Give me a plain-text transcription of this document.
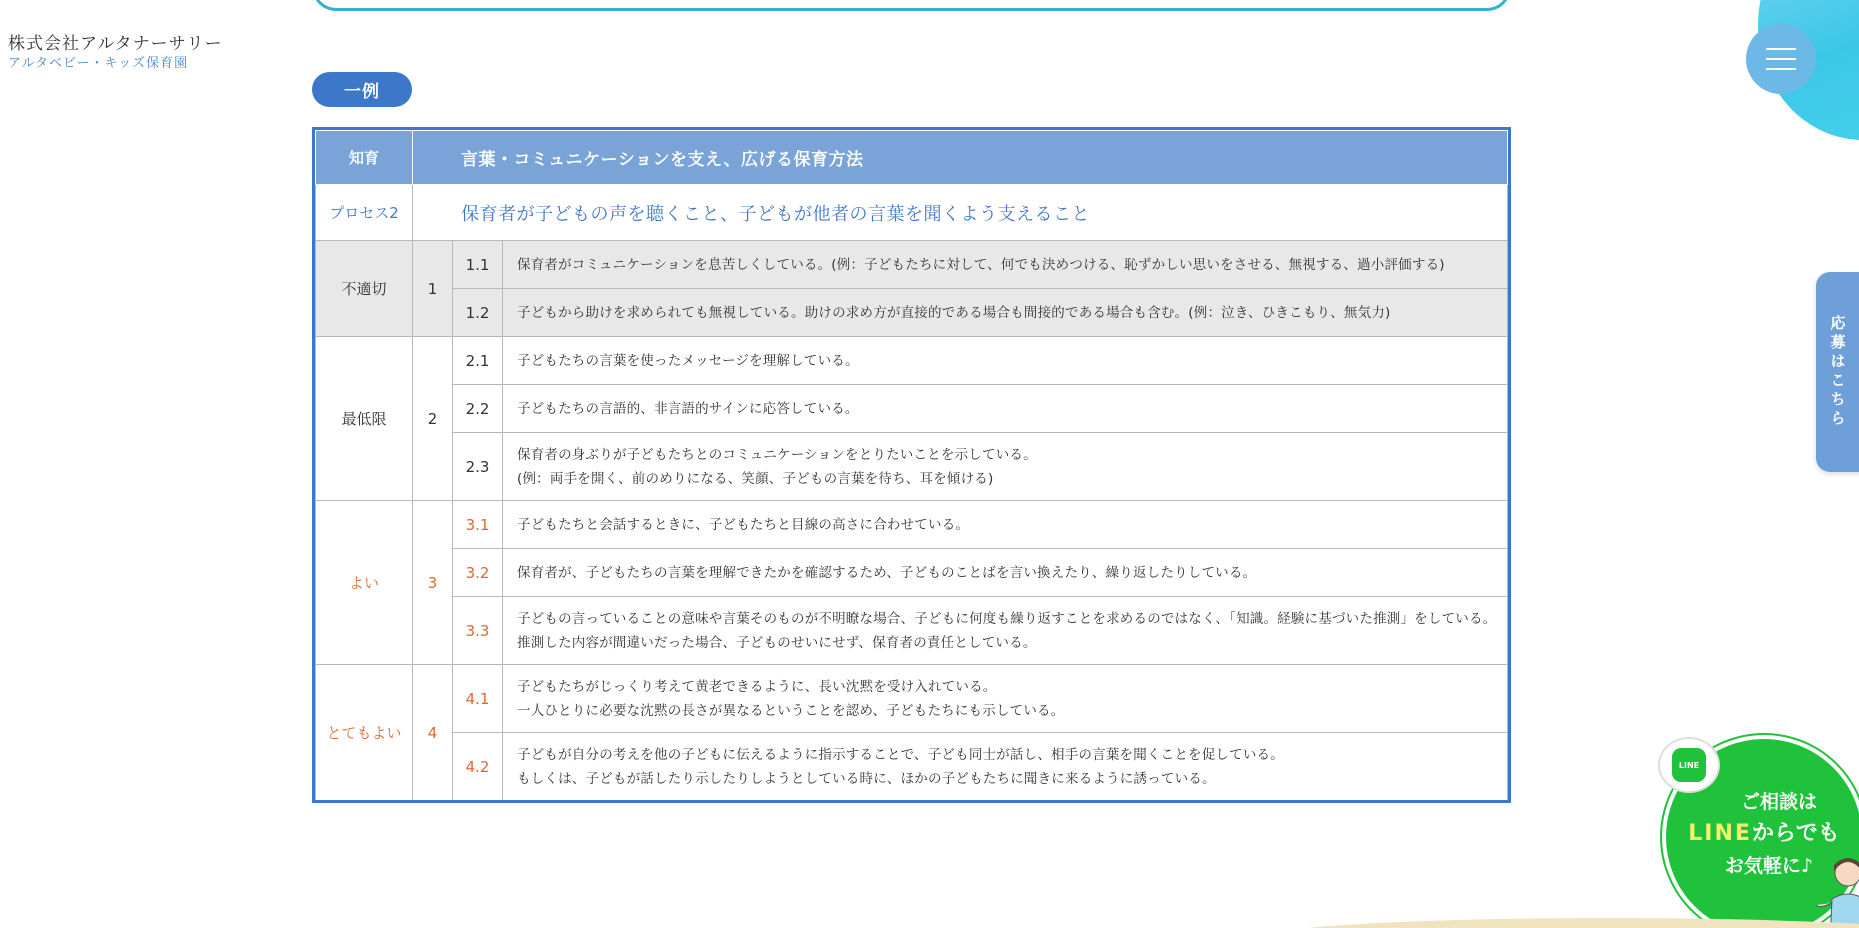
株式会社アルタナーサリー
アルタベビー・キッズ保育園
応募はこちら
一例
知育	言葉・コミュニケーションを支え、広げる保育方法		
プロセス2	保育者が子どもの声を聴くこと、子どもが他者の言葉を聞くよう支えること		
不適切	1	1.1	保育者がコミュニケーションを息苦しくしている。(例：子どもたちに対して、何でも決めつける、恥ずかしい思いをさせる、無視する、過小評価する)

		1.2	子どもから助けを求められても無視している。助けの求め方が直接的である場合も間接的である場合も含む。(例：泣き、ひきこもり、無気力)

最低限	2	2.1	子どもたちの言葉を使ったメッセージを理解している。

		2.2	子どもたちの言語的、非言語的サインに応答している。

		2.3	保育者の身ぶりが子どもたちとのコミュニケーションをとりたいことを示している。
(例：両手を開く、前のめりになる、笑顔、子どもの言葉を待ち、耳を傾ける)

よい	3	3.1	子どもたちと会話するときに、子どもたちと目線の高さに合わせている。

		3.2	保育者が、子どもたちの言葉を理解できたかを確認するため、子どものことばを言い換えたり、繰り返したりしている。

		3.3	子どもの言っていることの意味や言葉そのものが不明瞭な場合、子どもに何度も繰り返すことを求めるのではなく、「知識。経験に基づいた推測」をしている。
推測した内容が間違いだった場合、子どものせいにせず、保育者の責任としている。

とてもよい	4	4.1	子どもたちがじっくり考えて黄老できるように、長い沈黙を受け入れている。
一人ひとりに必要な沈黙の長さが異なるということを認め、子どもたちにも示している。

		4.2	子どもが自分の考えを他の子どもに伝えるように指示することで、子ども同士が話し、相手の言葉を聞くことを促している。
もしくは、子どもが話したり示したりしようとしている時に、ほかの子どもたちに聞きに来るように誘っている。
LINE
ご相談は
LINEからでも
お気軽に♪
